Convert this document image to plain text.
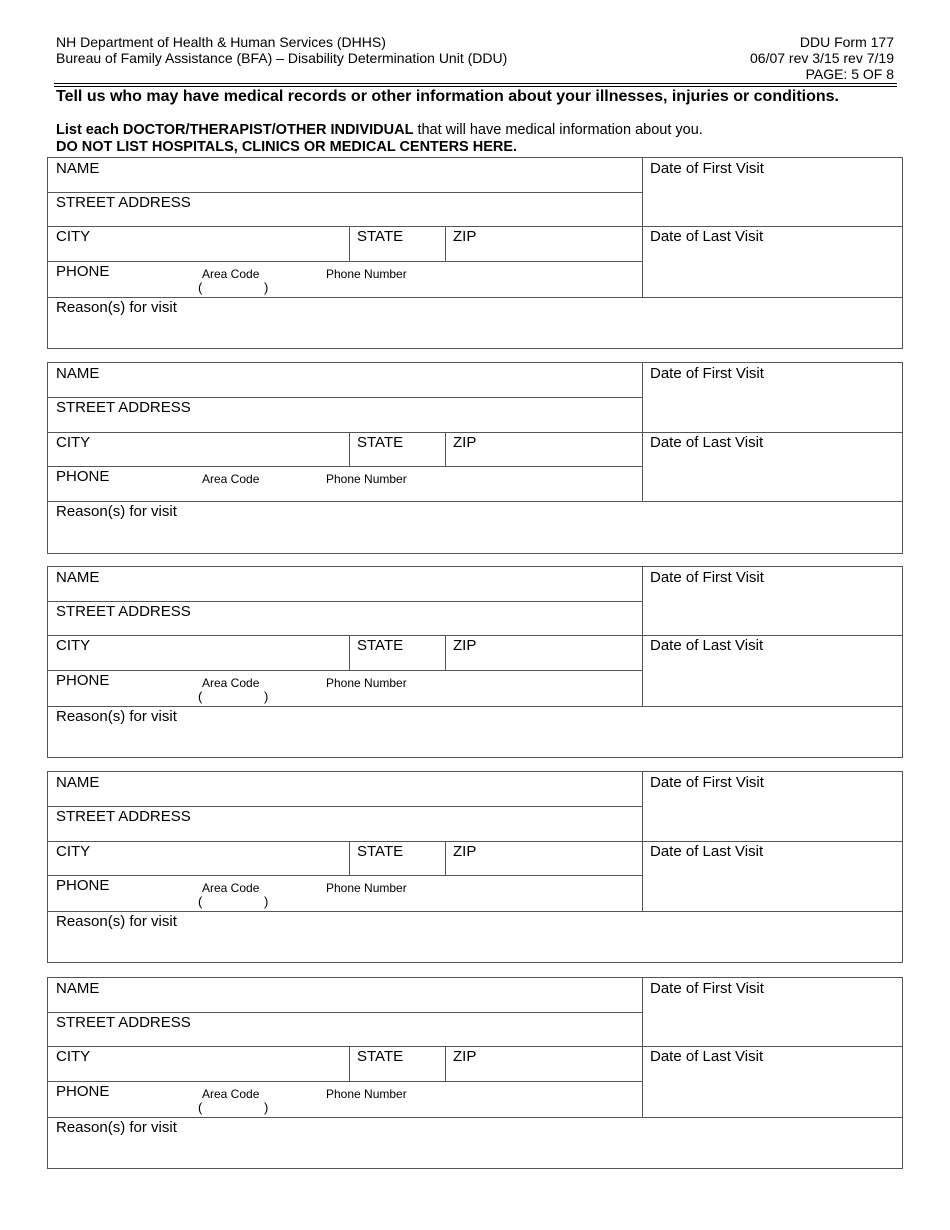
NH Department of Health & Human Services (DHHS)
Bureau of Family Assistance (BFA) – Disability Determination Unit (DDU)
DDU Form 177
06/07 rev 3/15 rev 7/19
PAGE: 5 OF 8
Tell us who may have medical records or other information about your illnesses, injuries or conditions.
List each DOCTOR/THERAPIST/OTHER INDIVIDUAL that will have medical information about you.
DO NOT LIST HOSPITALS, CLINICS OR MEDICAL CENTERS HERE.
NAME
STREET ADDRESS
CITY	STATE	ZIP
PHONE	Area Code	Phone Number
(	)
Date of First Visit
Date of Last Visit
Reason(s) for visit
NAME
STREET ADDRESS
CITY	STATE	ZIP
PHONE	Area Code	Phone Number
Date of First Visit
Date of Last Visit
Reason(s) for visit
NAME
STREET ADDRESS
CITY	STATE	ZIP
PHONE	Area Code	Phone Number
(	)
Date of First Visit
Date of Last Visit
Reason(s) for visit
NAME
STREET ADDRESS
CITY	STATE	ZIP
PHONE	Area Code	Phone Number
(	)
Date of First Visit
Date of Last Visit
Reason(s) for visit
NAME
STREET ADDRESS
CITY	STATE	ZIP
PHONE	Area Code	Phone Number
(	)
Date of First Visit
Date of Last Visit
Reason(s) for visit
